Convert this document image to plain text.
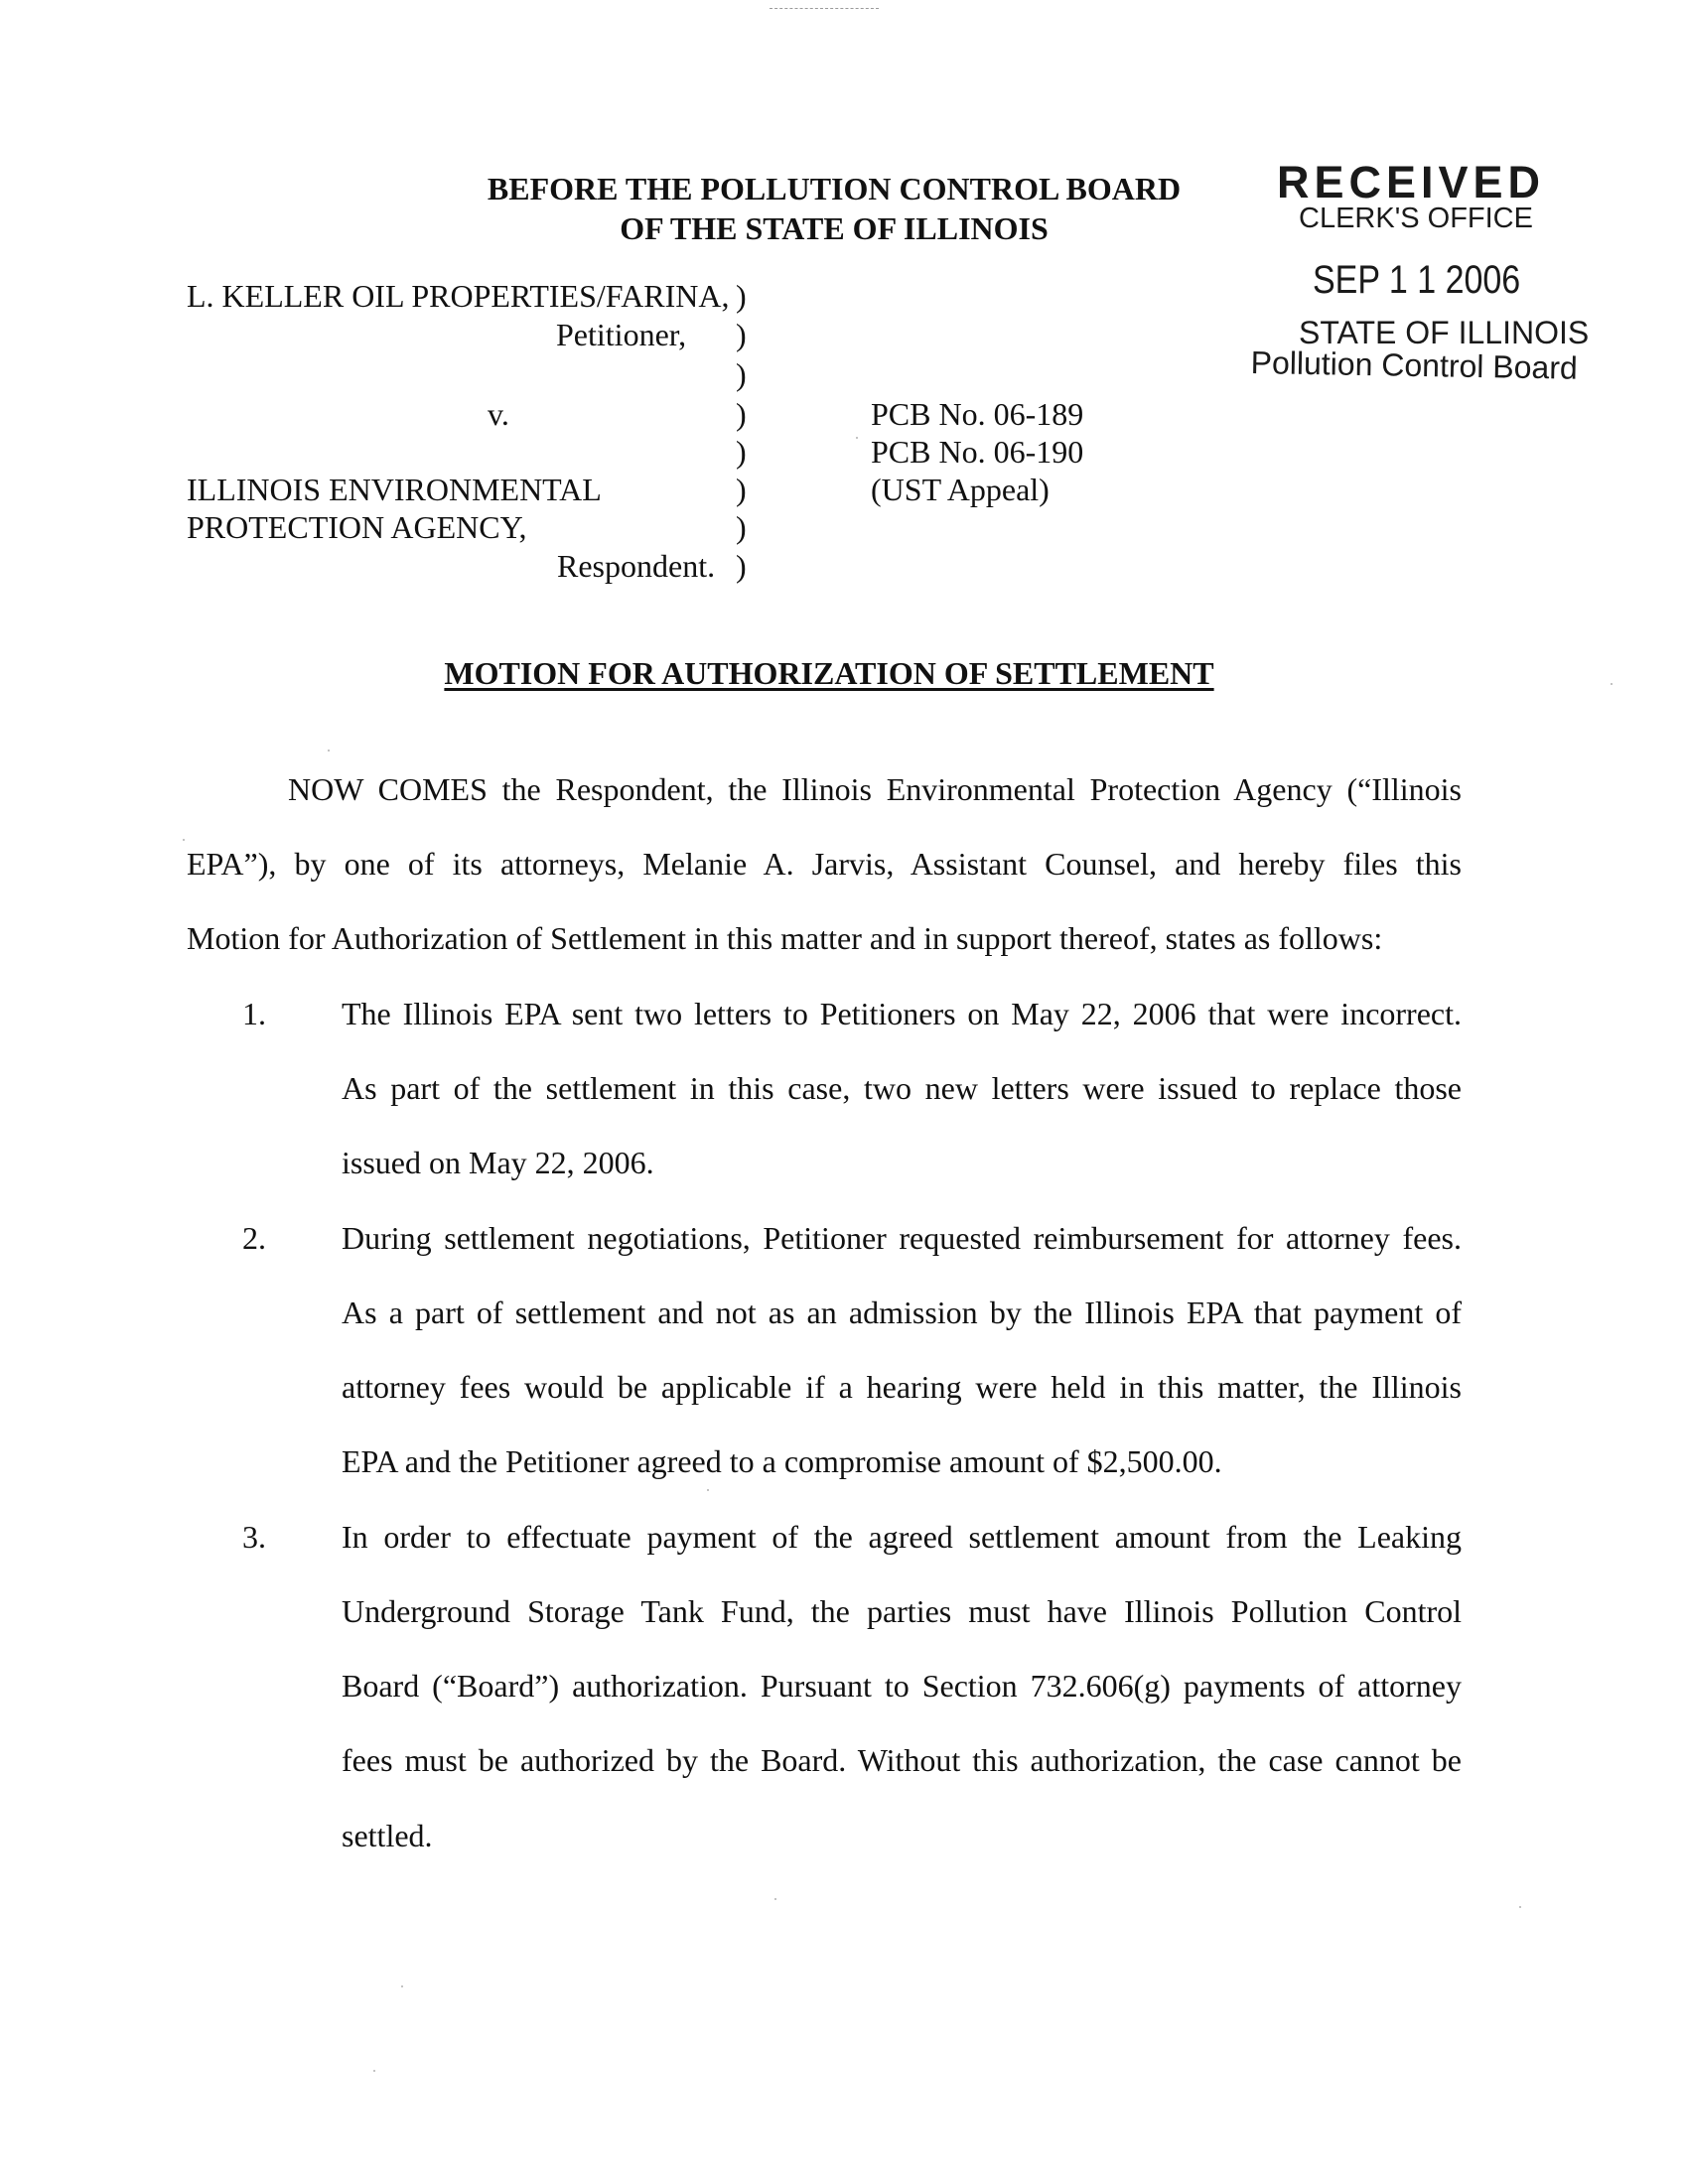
BEFORE THE POLLUTION CONTROL BOARD
OF THE STATE OF ILLINOIS
RECEIVED
CLERK'S OFFICE
SEP 1 1 2006
STATE OF ILLINOIS
Pollution Control Board
L. KELLER OIL PROPERTIES/FARINA,
Petitioner,
v.
ILLINOIS ENVIRONMENTAL
PROTECTION AGENCY,
Respondent.
)
)
)
)
)
)
)
)
PCB No. 06-189
PCB No. 06-190
(UST Appeal)
MOTION FOR AUTHORIZATION OF SETTLEMENT
NOW COMES the Respondent, the Illinois Environmental Protection Agency (“Illinois
EPA”), by one of its attorneys, Melanie A. Jarvis, Assistant Counsel, and hereby files this
Motion for Authorization of Settlement in this matter and in support thereof, states as follows:
1. The Illinois EPA sent two letters to Petitioners on May 22, 2006 that were incorrect.
As part of the settlement in this case, two new letters were issued to replace those
issued on May 22, 2006.
2. During settlement negotiations, Petitioner requested reimbursement for attorney fees.
As a part of settlement and not as an admission by the Illinois EPA that payment of
attorney fees would be applicable if a hearing were held in this matter, the Illinois
EPA and the Petitioner agreed to a compromise amount of $2,500.00.
3. In order to effectuate payment of the agreed settlement amount from the Leaking
Underground Storage Tank Fund, the parties must have Illinois Pollution Control
Board (“Board”) authorization. Pursuant to Section 732.606(g) payments of attorney
fees must be authorized by the Board. Without this authorization, the case cannot be
settled.
